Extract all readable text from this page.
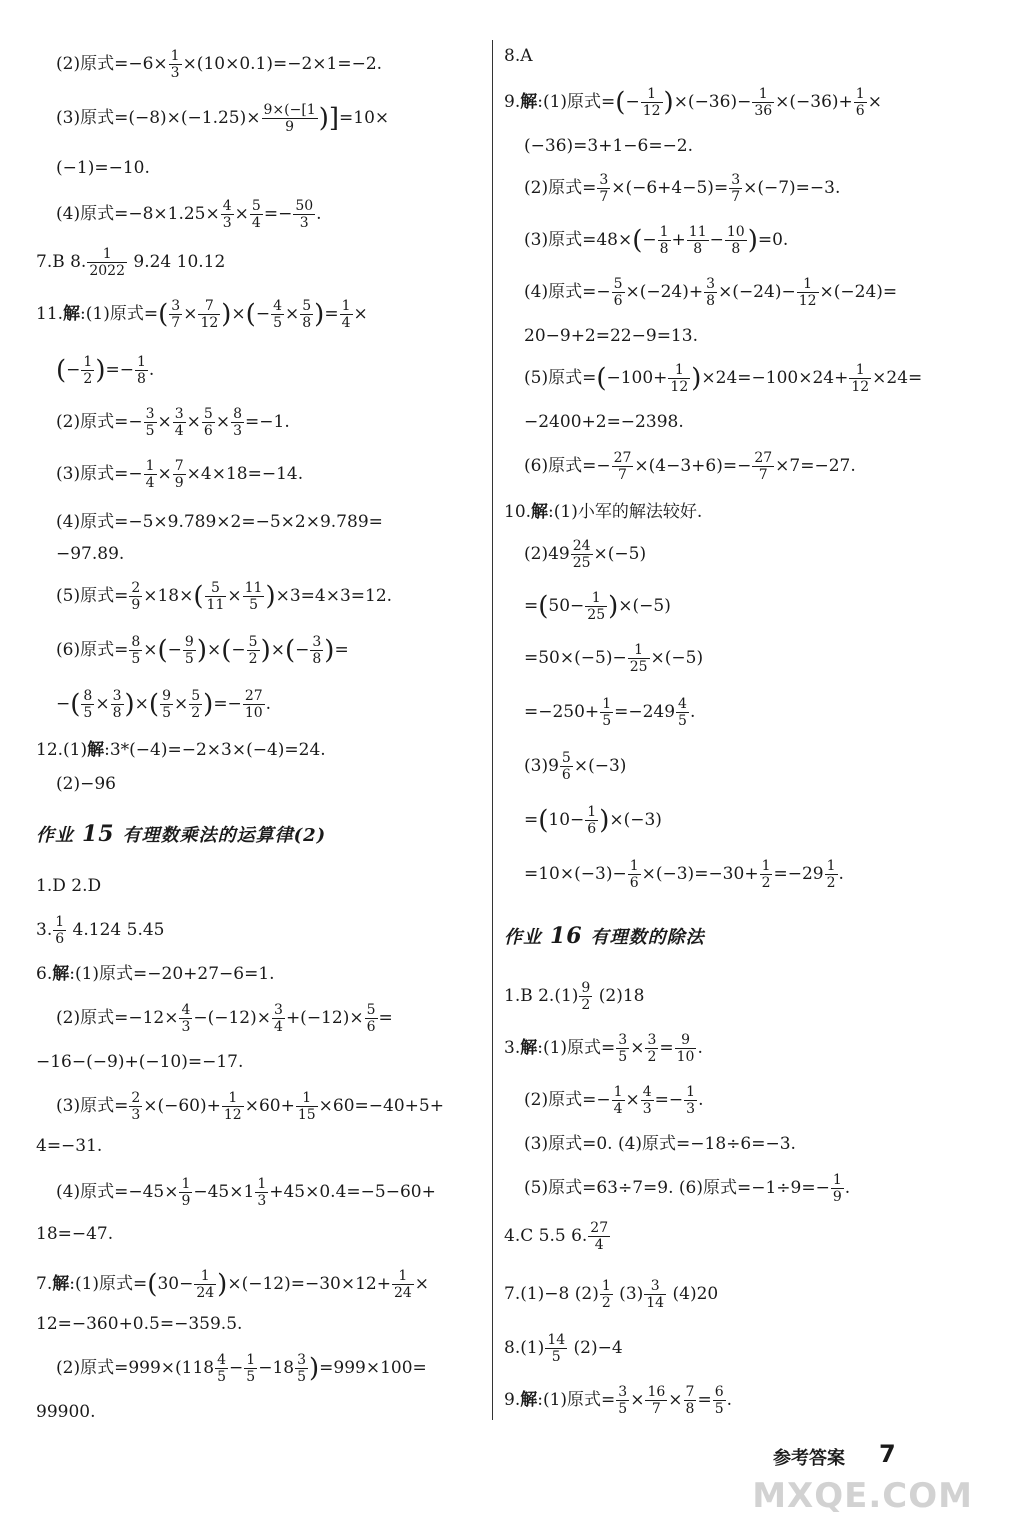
(2)原式$=-6\times \frac{1}{3} \times(10\times 0.1)=-2\times 1=-2$.
(3)原式$=(-8)\times(-1.25)\times \frac{9\times(-[1}{9} )]=10\times$
(−1)=−10.
(4)原式$=-8\times 1.25\times \frac{4}{3} \times \frac{5}{4} =- \frac{50}{3}$ .
7.B 8. $\frac{1}{2022} 9.24$ 10.12
11.解:(1)原式=( $\frac{3}{7} \times \frac{7}{12}$ )×(− $\frac{4}{5} \times \frac{5}{8}$ )= $\frac{1}{4}$ ×
(− $\frac{1}{2}$ )=− $\frac{1}{8}$ .
(2)原式=− $\frac{3}{5} \times \frac{3}{4} \times \frac{5}{6} \times \frac{8}{3} =-1$.
(3)原式=− $\frac{1}{4} \times \frac{7}{9} \times 4\times 18=-14$.
(4)原式=−5×9.789×2=−5×2×9.789=
−97.89.
(5)原式= $\frac{2}{9} \times 18\times( \frac{5}{11} \times \frac{11}{5} )\times 3=4\times 3=12$.
(6)原式= $\frac{8}{5}$ ×(− $\frac{9}{5}$ )×(− $\frac{5}{2}$ )×(− $\frac{3}{8}$ )=
−( $\frac{8}{5} \times \frac{3}{8}$ )×( $\frac{9}{5} \times \frac{5}{2}$ )=− $\frac{27}{10}$ .
12.(1)解:3*(−4)=−2×3×(−4)=24.
(2)−96
作业 15 有理数乘法的运算律(2)
1.D 2.D
3. $\frac{1}{6} 4.124$ 5.45
6.解:(1)原式=−20+27−6=1.
(2)原式$=-12\times \frac{4}{3} -(-12)\times \frac{3}{4} +(-12)\times \frac{5}{6}$ =
−16−(−9)+(−10)=−17.
(3)原式= $\frac{2}{3} \times(-60)+ \frac{1}{12} \times 60+ \frac{1}{15} \times 60=-40+5+$
4=−31.
(4)原式$=-45\times \frac{1}{9} -45\times 1 \frac{1}{3} +45\times 0.4=-5-60+$
18=−47.
7.解:(1)原式$=(30- \frac{1}{24} )\times(-12)=-30\times 12+ \frac{1}{24}$ ×
12=−360+0.5=−359.5.
(2)原式$=999\times(118 \frac{4}{5} - \frac{1}{5} -18 \frac{3}{5} )=999\times 100=$
99900.
8.A
9.解:(1)原式=(− $\frac{1}{12} )\times(-36)- \frac{1}{36} \times(-36)+ \frac{1}{6}$ ×
(−36)=3+1−6=−2.
(2)原式= $\frac{3}{7} \times(-6+4-5)= \frac{3}{7} \times(-7)=-3$.
(3)原式$=48\times(- \frac{1}{8} + \frac{11}{8} - \frac{10}{8} )=0$.
(4)原式=− $\frac{5}{6} \times(-24)+ \frac{3}{8} \times(-24)- \frac{1}{12} \times(-24)=$
20−9+2=22−9=13.
(5)原式$=(-100+ \frac{1}{12} )\times 24=-100\times 24+ \frac{1}{12} \times 24=$
−2400+2=−2398.
(6)原式=− $\frac{27}{7} \times(4-3+6)=- \frac{27}{7} \times 7=-27$.
10.解:(1)小军的解法较好.
$(2)49 \frac{24}{25} \times(-5)$
$=(50- \frac{1}{25} )\times(-5)$
$=50\times(-5)- \frac{1}{25} \times(-5)$
$=-250+ \frac{1}{5} =-249 \frac{4}{5}$ .
$(3)9 \frac{5}{6} \times(-3)$
$=(10- \frac{1}{6} )\times(-3)$
$=10\times(-3)- \frac{1}{6} \times(-3)=-30+ \frac{1}{2} =-29 \frac{1}{2}$ .
作业 16 有理数的除法
1.B $2.(1) \frac{9}{2} (2)18$
3.解:(1)原式= $\frac{3}{5} \times \frac{3}{2} = \frac{9}{10}$ .
(2)原式=− $\frac{1}{4} \times \frac{4}{3} =- \frac{1}{3}$ .
(3)原式=0. (4)原式=−18÷6=−3.
(5)原式=63÷7=9. (6)原式$=-1\div 9=- \frac{1}{9}$ .
4.C 5.5 6. $\frac{27}{4}$
7.(1)−8 $(2) \frac{1}{2} (3) \frac{3}{14} (4)20$
$8.(1) \frac{14}{5} (2)-4$
9.解:(1)原式= $\frac{3}{5} \times \frac{16}{7} \times \frac{7}{8} = \frac{6}{5}$ .
参考答案 7
MXQE.COM
